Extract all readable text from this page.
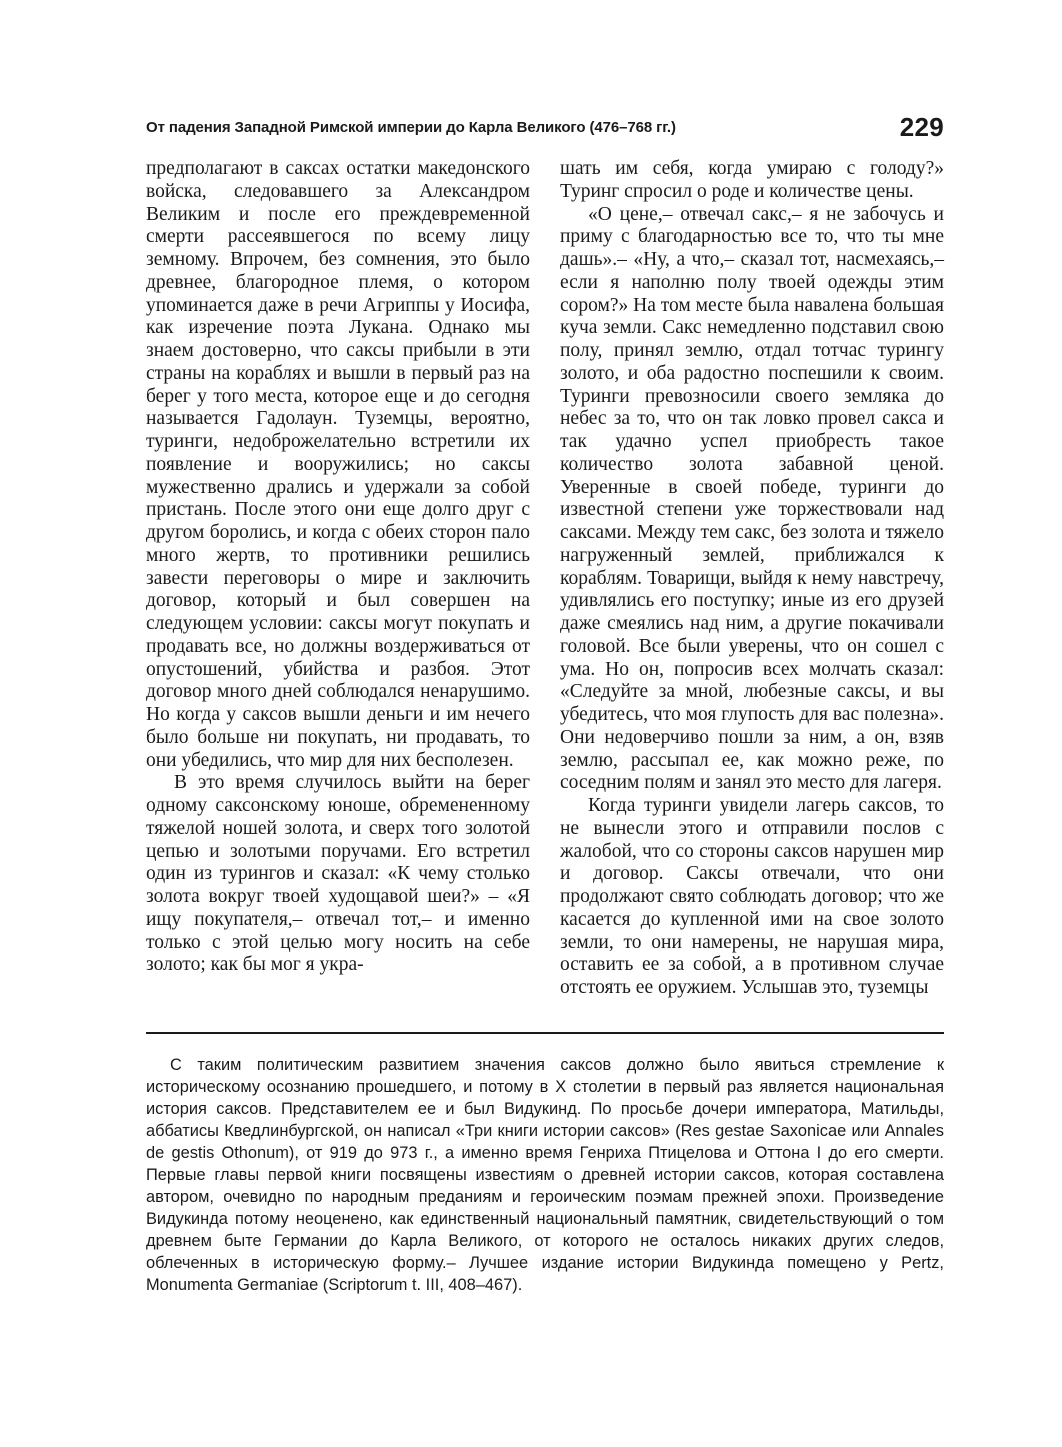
От падения Западной Римской империи до Карла Великого (476–768 гг.)	229

предполагают в саксах остатки македонского войска, следовавшего за Александром Великим и после его преждевременной смерти рассеявшегося по всему лицу земному. Впрочем, без сомнения, это было древнее, благородное племя, о котором упоминается даже в речи Агриппы у Иосифа, как изречение поэта Лукана. Однако мы знаем достоверно, что саксы прибыли в эти страны на кораблях и вышли в первый раз на берег у того места, которое еще и до сегодня называется Гадолаун. Туземцы, вероятно, туринги, недоброжелательно встретили их появление и вооружились; но саксы мужественно дрались и удержали за собой пристань. После этого они еще долго друг с другом боролись, и когда с обеих сторон пало много жертв, то противники решились завести переговоры о мире и заключить договор, который и был совершен на следующем условии: саксы могут покупать и продавать все, но должны воздерживаться от опустошений, убийства и разбоя. Этот договор много дней соблюдался ненарушимо. Но когда у саксов вышли деньги и им нечего было больше ни покупать, ни продавать, то они убедились, что мир для них бесполезен.

В это время случилось выйти на берег одному саксонскому юноше, обремененному тяжелой ношей золота, и сверх того золотой цепью и золотыми поручами. Его встретил один из турингов и сказал: «К чему столько золота вокруг твоей худощавой шеи?» – «Я ищу покупателя,– отвечал тот,– и именно только с этой целью могу носить на себе золото; как бы мог я укра-

шать им себя, когда умираю с голоду?» Туринг спросил о роде и количестве цены.

«О цене,– отвечал сакс,– я не забочусь и приму с благодарностью все то, что ты мне дашь».– «Ну, а что,– сказал тот, насмехаясь,– если я наполню полу твоей одежды этим сором?» На том месте была навалена большая куча земли. Сакс немедленно подставил свою полу, принял землю, отдал тотчас турингу золото, и оба радостно поспешили к своим. Туринги превозносили своего земляка до небес за то, что он так ловко провел сакса и так удачно успел приобресть такое количество золота забавной ценой. Уверенные в своей победе, туринги до известной степени уже торжествовали над саксами. Между тем сакс, без золота и тяжело нагруженный землей, приближался к кораблям. Товарищи, выйдя к нему навстречу, удивлялись его поступку; иные из его друзей даже смеялись над ним, а другие покачивали головой. Все были уверены, что он сошел с ума. Но он, попросив всех молчать сказал: «Следуйте за мной, любезные саксы, и вы убедитесь, что моя глупость для вас полезна». Они недоверчиво пошли за ним, а он, взяв землю, рассыпал ее, как можно реже, по соседним полям и занял это место для лагеря.

Когда туринги увидели лагерь саксов, то не вынесли этого и отправили послов с жалобой, что со стороны саксов нарушен мир и договор. Саксы отвечали, что они продолжают свято соблюдать договор; что же касается до купленной ими на свое золото земли, то они намерены, не нарушая мира, оставить ее за собой, а в противном случае отстоять ее оружием. Услышав это, туземцы

С таким политическим развитием значения саксов должно было явиться стремление к историческому осознанию прошедшего, и потому в X столетии в первый раз является национальная история саксов. Представителем ее и был Видукинд. По просьбе дочери императора, Матильды, аббатисы Кведлинбургской, он написал «Три книги истории саксов» (Res gestae Saxonicae или Annales de gestis Othonum), от 919 до 973 г., а именно время Генриха Птицелова и Оттона I до его смерти. Первые главы первой книги посвящены известиям о древней истории саксов, которая составлена автором, очевидно по народным преданиям и героическим поэмам прежней эпохи. Произведение Видукинда потому неоценено, как единственный национальный памятник, свидетельствующий о том древнем быте Германии до Карла Великого, от которого не осталось никаких других следов, облеченных в историческую форму.– Лучшее издание истории Видукинда помещено у Pertz, Monumenta Germaniae (Scriptorum t. III, 408–467).
